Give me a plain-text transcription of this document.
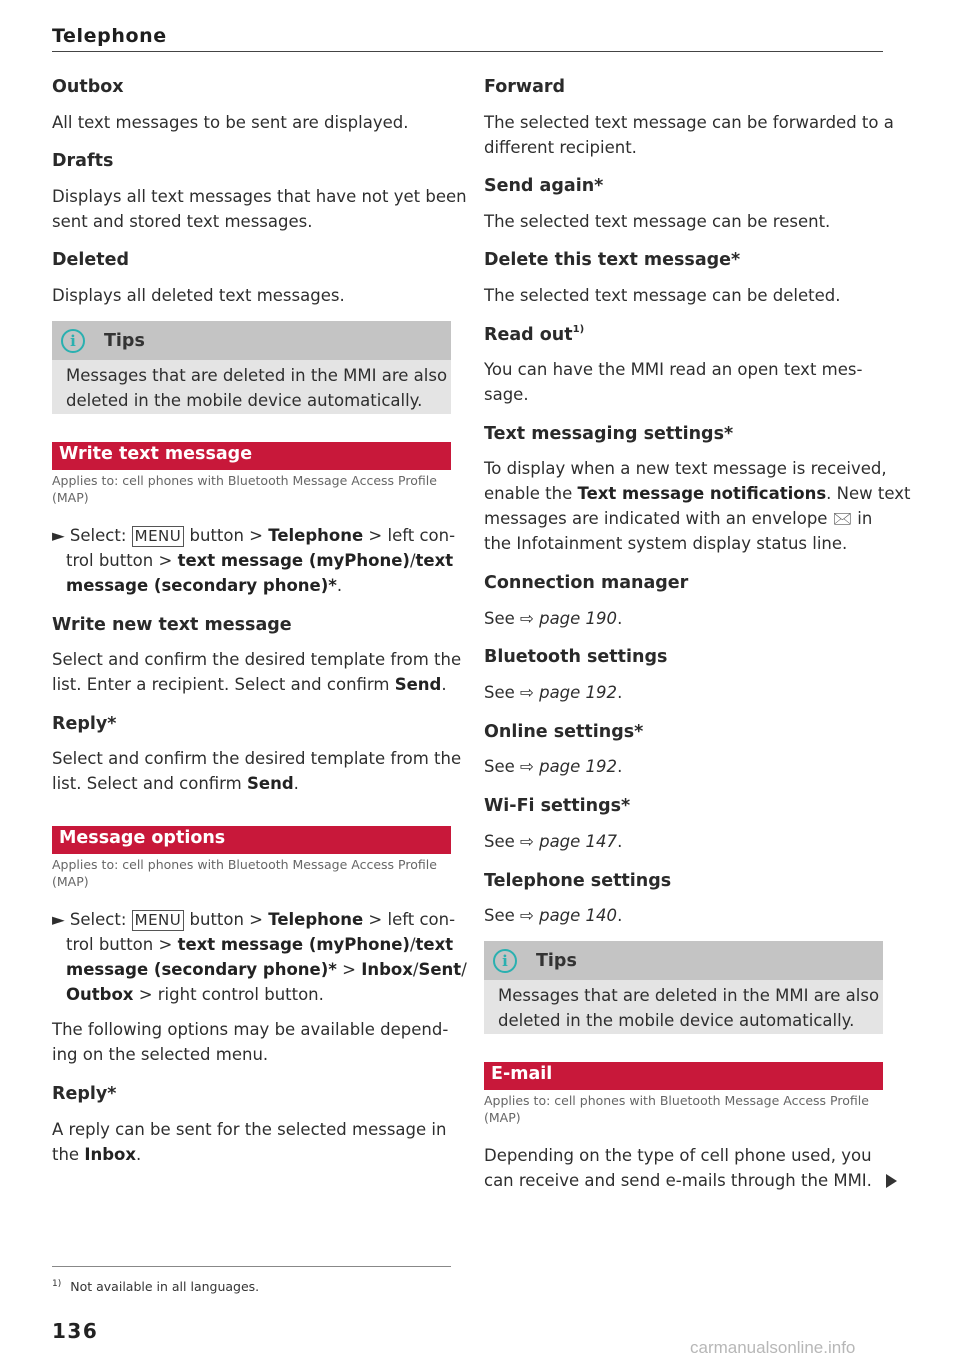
Telephone
Outbox

All text messages to be sent are displayed.

Drafts

Displays all text messages that have not yet been

sent and stored text messages.

Deleted

Displays all deleted text messages.

i	Tips
Messages that are deleted in the MMI are also
deleted in the mobile device automatically.
Write text message
Applies to: cell phones with Bluetooth Message Access Profile
(MAP)

► Select: MENU button > Telephone > left con-

trol button > text message (myPhone)/text

message (secondary phone)*.

Write new text message

Select and confirm the desired template from the

list. Enter a recipient. Select and confirm Send.

Reply*

Select and confirm the desired template from the

list. Select and confirm Send.

Message options
Applies to: cell phones with Bluetooth Message Access Profile
(MAP)

► Select: MENU button > Telephone > left con-

trol button > text message (myPhone)/text

message (secondary phone)* > Inbox/Sent/

Outbox > right control button.

The following options may be available depend-

ing on the selected menu.

Reply*

A reply can be sent for the selected message in

the Inbox.

Forward

The selected text message can be forwarded to a

different recipient.

Send again*

The selected text message can be resent.

Delete this text message*

The selected text message can be deleted.

Read out$^{1)}$

You can have the MMI read an open text mes-

sage.

Text messaging settings*

To display when a new text message is received,

enable the Text message notifications. New text

messages are indicated with an envelope 🖂 in

the Infotainment system display status line.

Connection manager

See ⇨ page 190.

Bluetooth settings

See ⇨ page 192.

Online settings*

See ⇨ page 192.

Wi-Fi settings*

See ⇨ page 147.

Telephone settings

See ⇨ page 140.

i	Tips
Messages that are deleted in the MMI are also
deleted in the mobile device automatically.
E-mail
Applies to: cell phones with Bluetooth Message Access Profile
(MAP)

Depending on the type of cell phone used, you

can receive and send e-mails through the MMI.

$^{1)}$ Not available in all languages.
136
carmanualsonline.info
